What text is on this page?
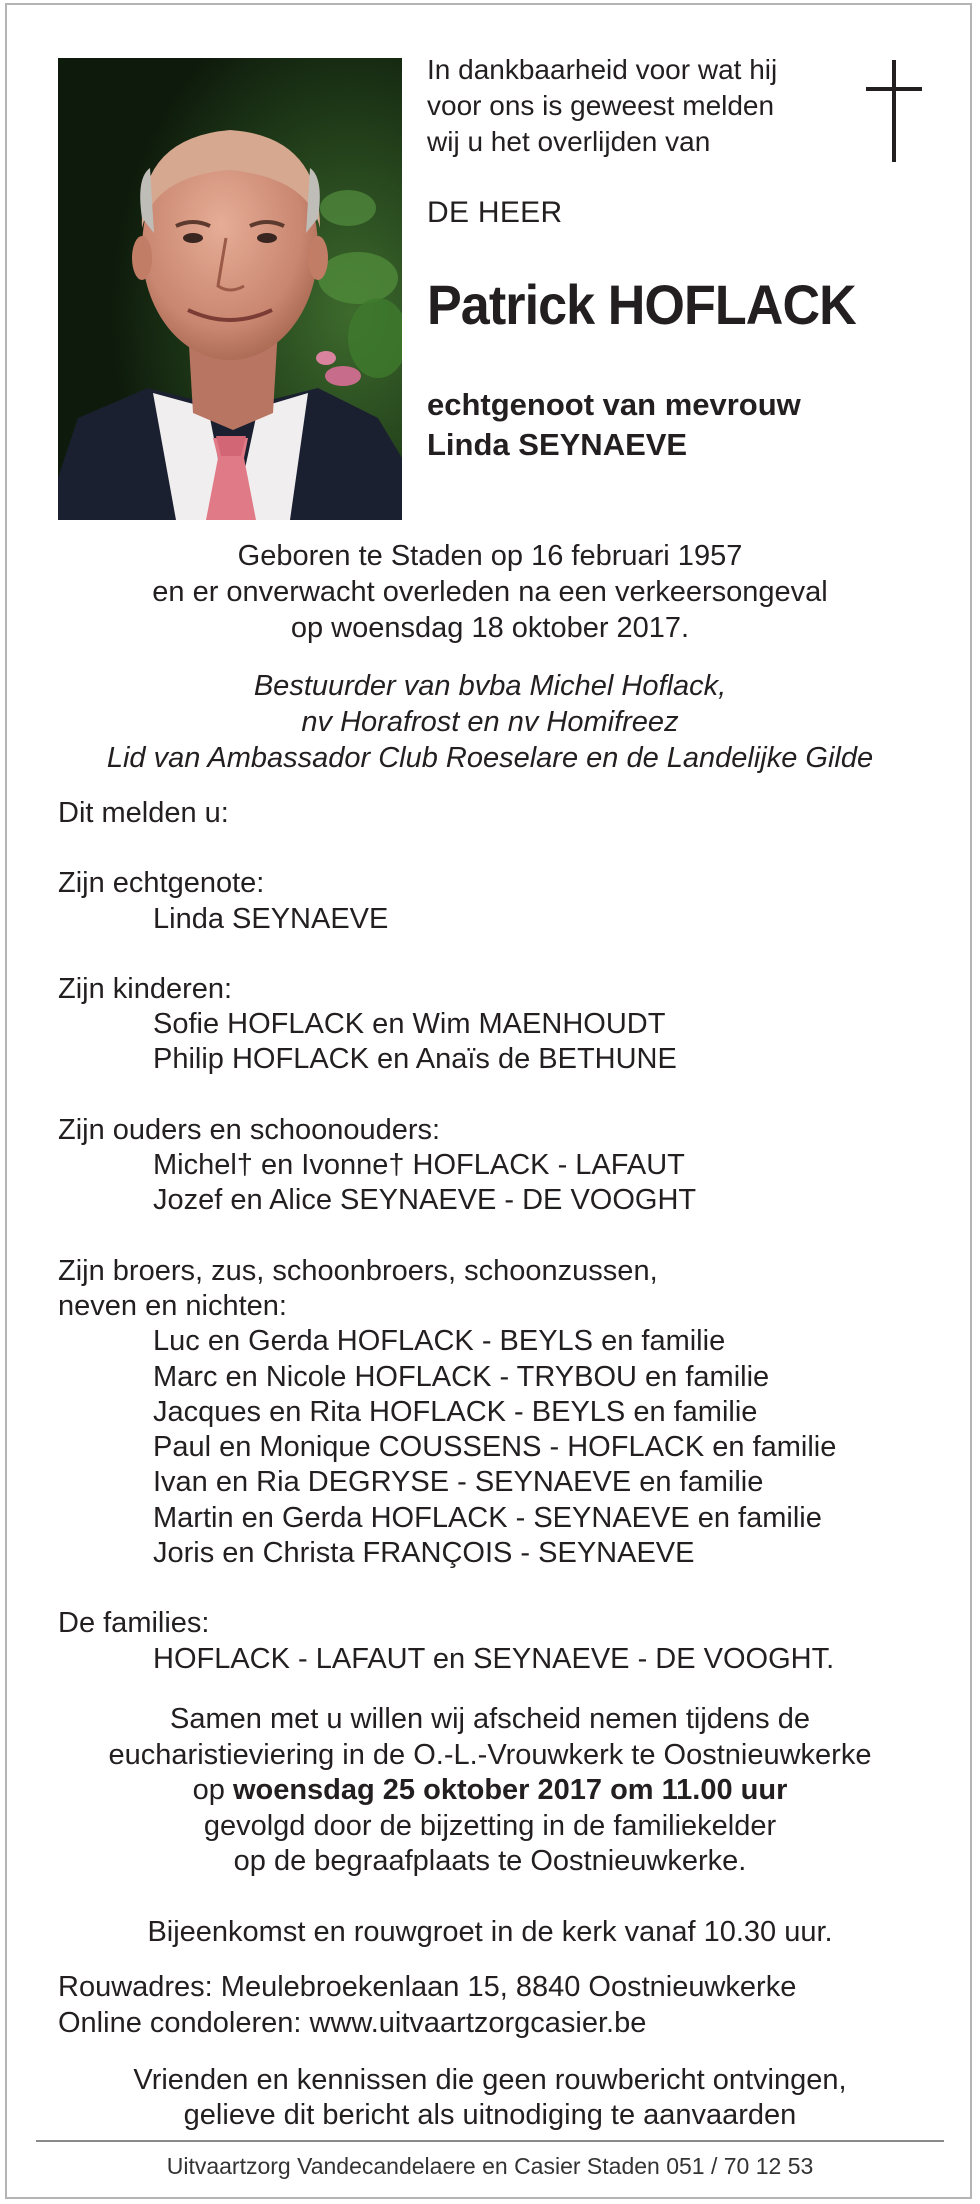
In dankbaarheid voor wat hij
voor ons is geweest melden
wij u het overlijden van
DE HEER
Patrick HOFLACK
echtgenoot van mevrouw
Linda SEYNAEVE
Geboren te Staden op 16 februari 1957
en er onverwacht overleden na een verkeersongeval
op woensdag 18 oktober 2017.
Bestuurder van bvba Michel Hoflack,
nv Horafrost en nv Homifreez
Lid van Ambassador Club Roeselare en de Landelijke Gilde
Dit melden u:
Zijn echtgenote:
Linda SEYNAEVE
Zijn kinderen:
Sofie HOFLACK en Wim MAENHOUDT
Philip HOFLACK en Anaïs de BETHUNE
Zijn ouders en schoonouders:
Michel† en Ivonne† HOFLACK - LAFAUT
Jozef en Alice SEYNAEVE - DE VOOGHT
Zijn broers, zus, schoonbroers, schoonzussen,
neven en nichten:
Luc en Gerda HOFLACK - BEYLS en familie
Marc en Nicole HOFLACK - TRYBOU en familie
Jacques en Rita HOFLACK - BEYLS en familie
Paul en Monique COUSSENS - HOFLACK en familie
Ivan en Ria DEGRYSE - SEYNAEVE en familie
Martin en Gerda HOFLACK - SEYNAEVE en familie
Joris en Christa FRANÇOIS - SEYNAEVE
De families:
HOFLACK - LAFAUT en SEYNAEVE - DE VOOGHT.
Samen met u willen wij afscheid nemen tijdens de
eucharistieviering in de O.-L.-Vrouwkerk te Oostnieuwkerke
op woensdag 25 oktober 2017 om 11.00 uur
gevolgd door de bijzetting in de familiekelder
op de begraafplaats te Oostnieuwkerke.
Bijeenkomst en rouwgroet in de kerk vanaf 10.30 uur.
Rouwadres: Meulebroekenlaan 15, 8840 Oostnieuwkerke
Online condoleren: www.uitvaartzorgcasier.be
Vrienden en kennissen die geen rouwbericht ontvingen,
gelieve dit bericht als uitnodiging te aanvaarden
Uitvaartzorg Vandecandelaere en Casier Staden 051 / 70 12 53
